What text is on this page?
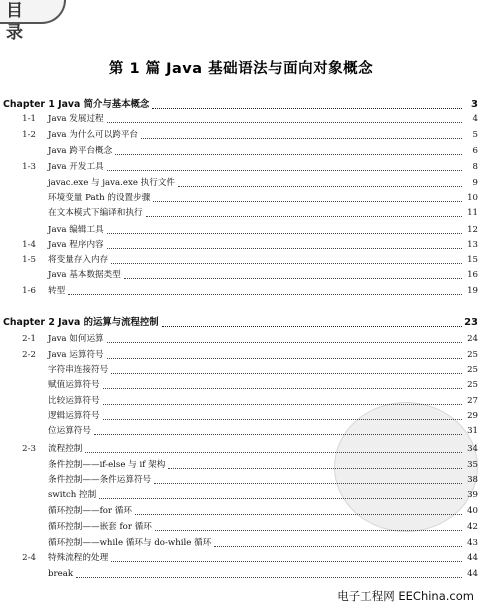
目 录
第 1 篇 Java 基础语法与面向对象概念
Chapter 1 Java 简介与基本概念	3
1-1	Java 发展过程	4
1-2	Java 为什么可以跨平台	5
Java 跨平台概念	6
1-3	Java 开发工具	8
javac.exe 与 java.exe 执行文件	9
环境变量 Path 的设置步骤	10
在文本模式下编译和执行	11
Java 编辑工具	12
1-4	Java 程序内容	13
1-5	将变量存入内存	15
Java 基本数据类型	16
1-6	转型	19
Chapter 2 Java 的运算与流程控制	23
2-1	Java 如何运算	24
2-2	Java 运算符号	25
字符串连接符号	25
赋值运算符号	25
比较运算符号	27
逻辑运算符号	29
位运算符号	31
2-3	流程控制	34
条件控制——if-else 与 if 架构	35
条件控制——条件运算符号	38
switch 控制	39
循环控制——for 循环	40
循环控制——嵌套 for 循环	42
循环控制——while 循环与 do-while 循环	43
2-4	特殊流程的处理	44
break	44
电子工程网 EEChina.com
